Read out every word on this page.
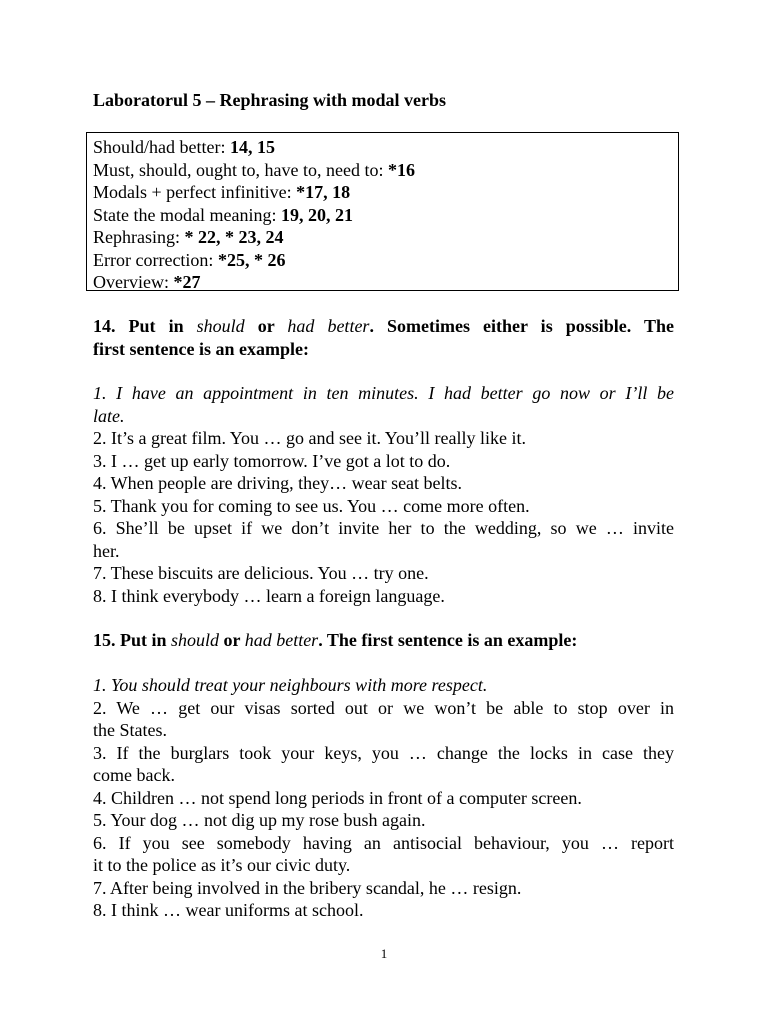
Laboratorul 5 – Rephrasing with modal verbs
Should/had better: 14, 15
Must, should, ought to, have to, need to: *16
Modals + perfect infinitive: *17, 18
State the modal meaning: 19, 20, 21
Rephrasing: * 22, * 23, 24
Error correction: *25, * 26
Overview: *27
14. Put in should or had better. Sometimes either is possible. The
first sentence is an example:
1. I have an appointment in ten minutes. I had better go now or I’ll be
late.
2. It’s a great film. You … go and see it. You’ll really like it.
3. I … get up early tomorrow. I’ve got a lot to do.
4. When people are driving, they… wear seat belts.
5. Thank you for coming to see us. You … come more often.
6. She’ll be upset if we don’t invite her to the wedding, so we … invite
her.
7. These biscuits are delicious. You … try one.
8. I think everybody … learn a foreign language.
15. Put in should or had better. The first sentence is an example:
1. You should treat your neighbours with more respect.
2. We … get our visas sorted out or we won’t be able to stop over in
the States.
3. If the burglars took your keys, you … change the locks in case they
come back.
4. Children … not spend long periods in front of a computer screen.
5. Your dog … not dig up my rose bush again.
6. If you see somebody having an antisocial behaviour, you … report
it to the police as it’s our civic duty.
7. After being involved in the bribery scandal, he … resign.
8. I think … wear uniforms at school.
1
